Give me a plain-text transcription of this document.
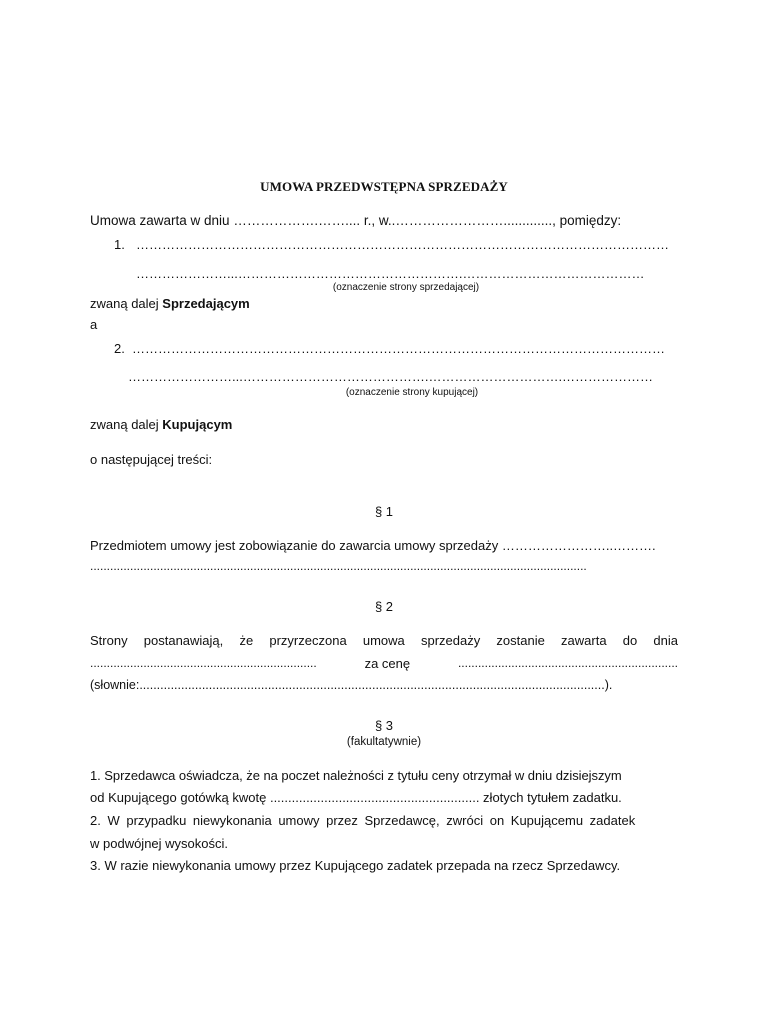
UMOWA PRZEDWSTĘPNA SPRZEDAŻY
Umowa zawarta w dniu ……………….…….... r., w..……………………............., pomiędzy:
1. ……………………………………………………………………………………………………………
…………………...…………………………………………….……………………………………
(oznaczenie strony sprzedającej)
zwaną dalej Sprzedającym
a
2. ……………………………………………………………………………………………………………
……………………...…………………………………….………………………….…………………
(oznaczenie strony kupującej)
zwaną dalej Kupującym
o następującej treści:
§ 1
Przedmiotem umowy jest zobowiązanie do zawarcia umowy sprzedaży ……………………..……….
.....................................................................................................................................................
§ 2
Strony postanawiają, że przyrzeczona umowa sprzedaży zostanie zawarta do dnia
....................................................................	za cenę	..................................................................
(słownie:......................................................................................................................................).
§ 3
(fakultatywnie)
1. Sprzedawca oświadcza, że na poczet należności z tytułu ceny otrzymał w dniu dzisiejszym
od Kupującego gotówką kwotę .......................................................... złotych tytułem zadatku.
2. W przypadku niewykonania umowy przez Sprzedawcę, zwróci on Kupującemu zadatek
w podwójnej wysokości.
3. W razie niewykonania umowy przez Kupującego zadatek przepada na rzecz Sprzedawcy.
